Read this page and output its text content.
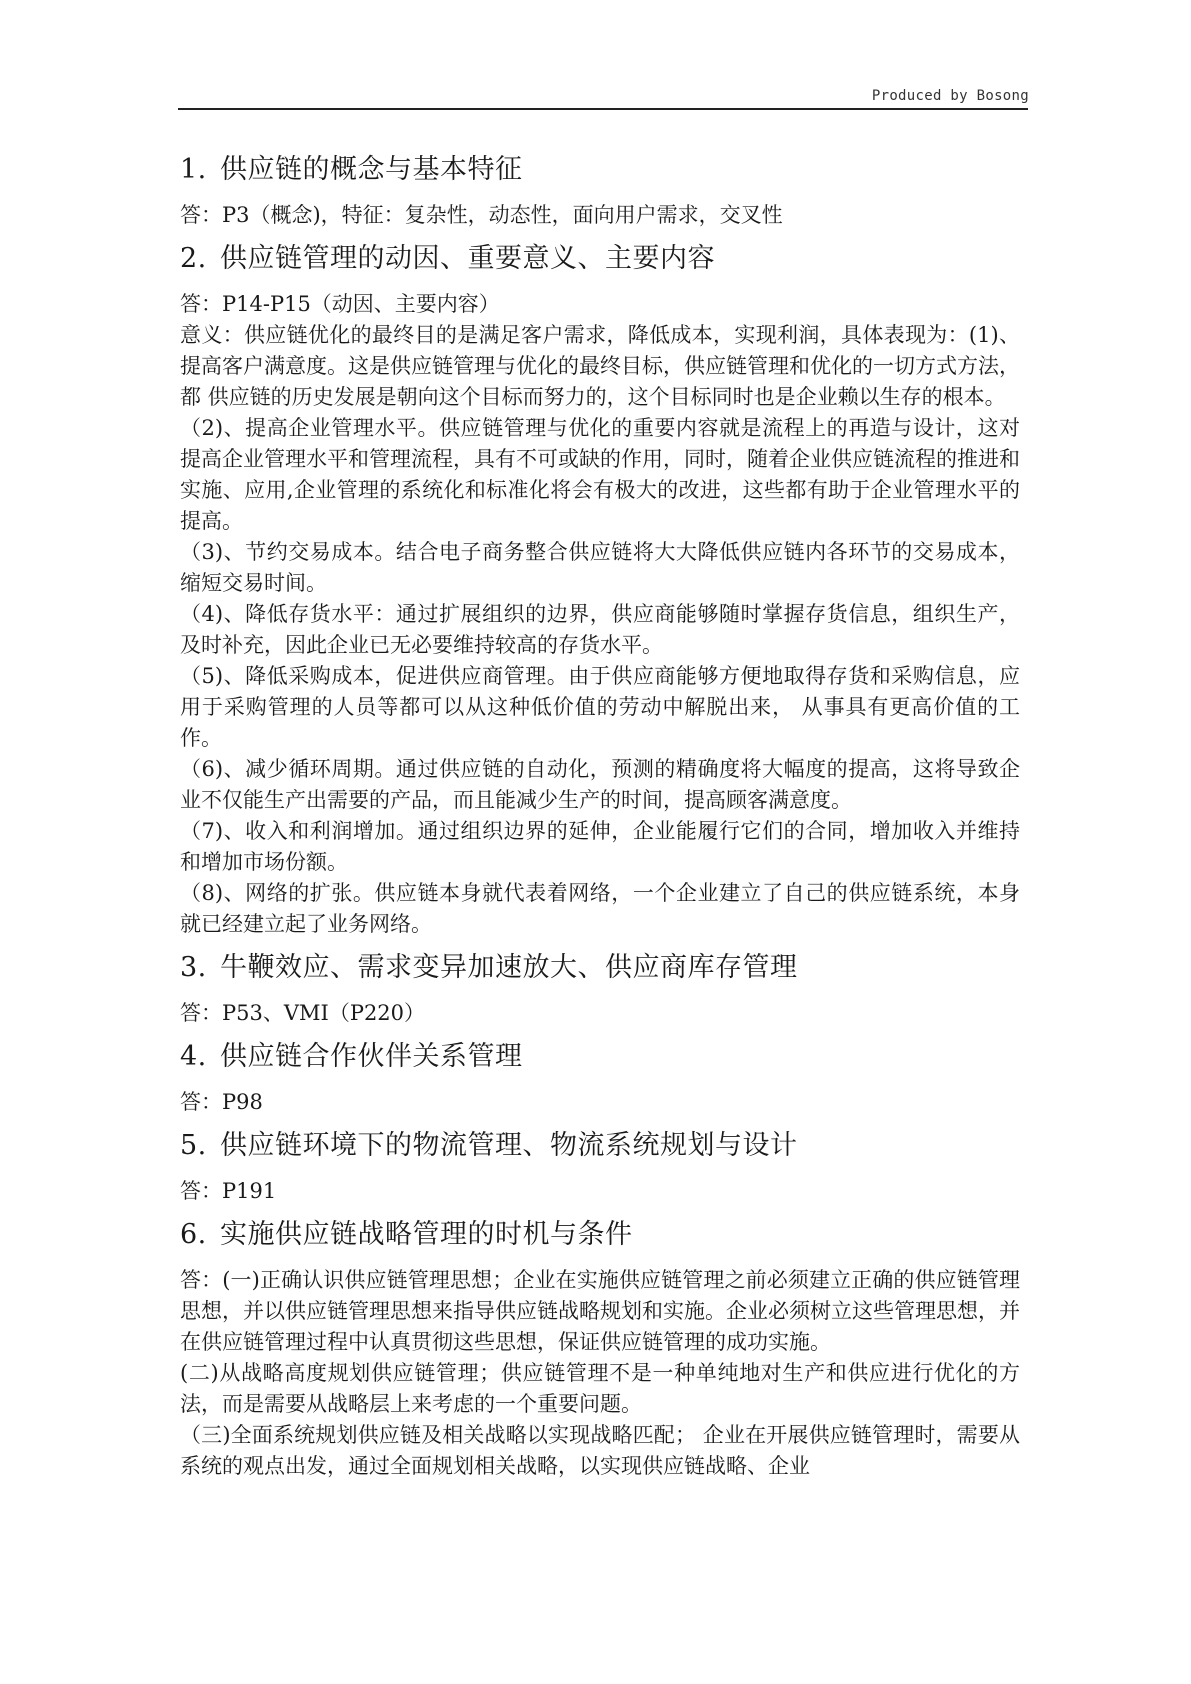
Produced by Bosong
1. 供应链的概念与基本特征

答：P3（概念)，特征：复杂性，动态性，面向用户需求，交叉性

2. 供应链管理的动因、重要意义、主要内容

答：P14-P15（动因、主要内容）

意义：供应链优化的最终目的是满足客户需求，降低成本，实现利润，具体表现为：(1)、提高客户满意度。这是供应链管理与优化的最终目标，供应链管理和优化的一切方式方法，都 供应链的历史发展是朝向这个目标而努力的，这个目标同时也是企业赖以生存的根本。

（2)、提高企业管理水平。供应链管理与优化的重要内容就是流程上的再造与设计，这对提高企业管理水平和管理流程，具有不可或缺的作用，同时，随着企业供应链流程的推进和实施、应用,企业管理的系统化和标准化将会有极大的改进，这些都有助于企业管理水平的提高。

（3)、节约交易成本。结合电子商务整合供应链将大大降低供应链内各环节的交易成本，缩短交易时间。

（4)、降低存货水平：通过扩展组织的边界，供应商能够随时掌握存货信息，组织生产，及时补充，因此企业已无必要维持较高的存货水平。

（5)、降低采购成本，促进供应商管理。由于供应商能够方便地取得存货和采购信息，应用于采购管理的人员等都可以从这种低价值的劳动中解脱出来， 从事具有更高价值的工作。

（6)、减少循环周期。通过供应链的自动化，预测的精确度将大幅度的提高，这将导致企业不仅能生产出需要的产品，而且能减少生产的时间，提高顾客满意度。

（7)、收入和利润增加。通过组织边界的延伸，企业能履行它们的合同，增加收入并维持和增加市场份额。

（8)、网络的扩张。供应链本身就代表着网络，一个企业建立了自己的供应链系统，本身 就已经建立起了业务网络。

3. 牛鞭效应、需求变异加速放大、供应商库存管理

答：P53、VMI（P220）

4. 供应链合作伙伴关系管理

答：P98

5. 供应链环境下的物流管理、物流系统规划与设计

答：P191

6. 实施供应链战略管理的时机与条件

答：(一)正确认识供应链管理思想；企业在实施供应链管理之前必须建立正确的供应链管理思想，并以供应链管理思想来指导供应链战略规划和实施。企业必须树立这些管理思想，并在供应链管理过程中认真贯彻这些思想，保证供应链管理的成功实施。

(二)从战略高度规划供应链管理；供应链管理不是一种单纯地对生产和供应进行优化的方法，而是需要从战略层上来考虑的一个重要问题。

（三)全面系统规划供应链及相关战略以实现战略匹配； 企业在开展供应链管理时，需要从系统的观点出发，通过全面规划相关战略，以实现供应链战略、企业
